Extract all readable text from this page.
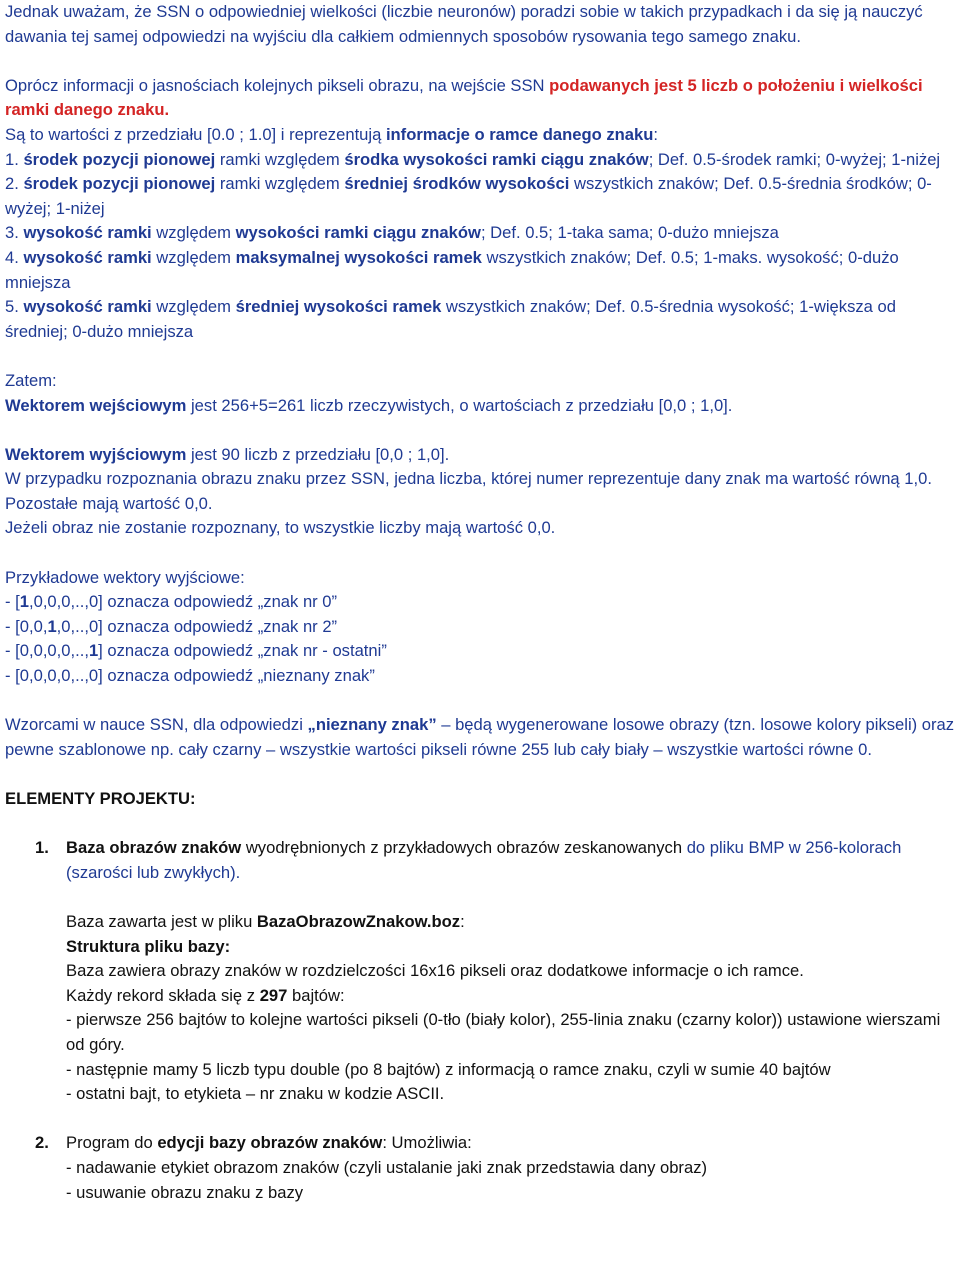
Jednak uważam, że SSN o odpowiedniej wielkości (liczbie neuronów) poradzi sobie w takich przypadkach i da się ją nauczyć dawania tej samej odpowiedzi na wyjściu dla całkiem odmiennych sposobów rysowania tego samego znaku.

Oprócz informacji o jasnościach kolejnych pikseli obrazu, na wejście SSN podawanych jest 5 liczb o położeniu i wielkości ramki danego znaku.

Są to wartości z przedziału [0.0 ; 1.0] i reprezentują informacje o ramce danego znaku:

1. środek pozycji pionowej ramki względem środka wysokości ramki ciągu znaków; Def. 0.5-środek ramki; 0-wyżej; 1-niżej

2. środek pozycji pionowej ramki względem średniej środków wysokości wszystkich znaków; Def. 0.5-średnia środków; 0-wyżej; 1-niżej

3. wysokość ramki względem wysokości ramki ciągu znaków; Def. 0.5; 1-taka sama; 0-dużo mniejsza

4. wysokość ramki względem maksymalnej wysokości ramek wszystkich znaków; Def. 0.5; 1-maks. wysokość; 0-dużo mniejsza

5. wysokość ramki względem średniej wysokości ramek wszystkich znaków; Def. 0.5-średnia wysokość; 1-większa od średniej; 0-dużo mniejsza

Zatem:

Wektorem wejściowym jest 256+5=261 liczb rzeczywistych, o wartościach z przedziału [0,0 ; 1,0].

Wektorem wyjściowym jest 90 liczb z przedziału [0,0 ; 1,0].

W przypadku rozpoznania obrazu znaku przez SSN, jedna liczba, której numer reprezentuje dany znak ma wartość równą 1,0. Pozostałe mają wartość 0,0.

Jeżeli obraz nie zostanie rozpoznany, to wszystkie liczby mają wartość 0,0.

Przykładowe wektory wyjściowe:

- [1,0,0,0,..,0] oznacza odpowiedź „znak nr 0”

- [0,0,1,0,..,0] oznacza odpowiedź „znak nr 2”

- [0,0,0,0,..,1] oznacza odpowiedź „znak nr - ostatni”

- [0,0,0,0,..,0] oznacza odpowiedź „nieznany znak”

Wzorcami w nauce SSN, dla odpowiedzi „nieznany znak” – będą wygenerowane losowe obrazy (tzn. losowe kolory pikseli) oraz pewne szablonowe np. cały czarny – wszystkie wartości pikseli równe 255 lub cały biały – wszystkie wartości równe 0.

ELEMENTY PROJEKTU:

1. Baza obrazów znaków wyodrębnionych z przykładowych obrazów zeskanowanych do pliku BMP w 256-kolorach (szarości lub zwykłych).

Baza zawarta jest w pliku BazaObrazowZnakow.boz:

Struktura pliku bazy:

Baza zawiera obrazy znaków w rozdzielczości 16x16 pikseli oraz dodatkowe informacje o ich ramce.

Każdy rekord składa się z 297 bajtów:

- pierwsze 256 bajtów to kolejne wartości pikseli (0-tło (biały kolor), 255-linia znaku (czarny kolor)) ustawione wierszami od góry.

- następnie mamy 5 liczb typu double (po 8 bajtów) z informacją o ramce znaku, czyli w sumie 40 bajtów

- ostatni bajt, to etykieta – nr znaku w kodzie ASCII.

2. Program do edycji bazy obrazów znaków: Umożliwia:

- nadawanie etykiet obrazom znaków (czyli ustalanie jaki znak przedstawia dany obraz)

- usuwanie obrazu znaku z bazy
